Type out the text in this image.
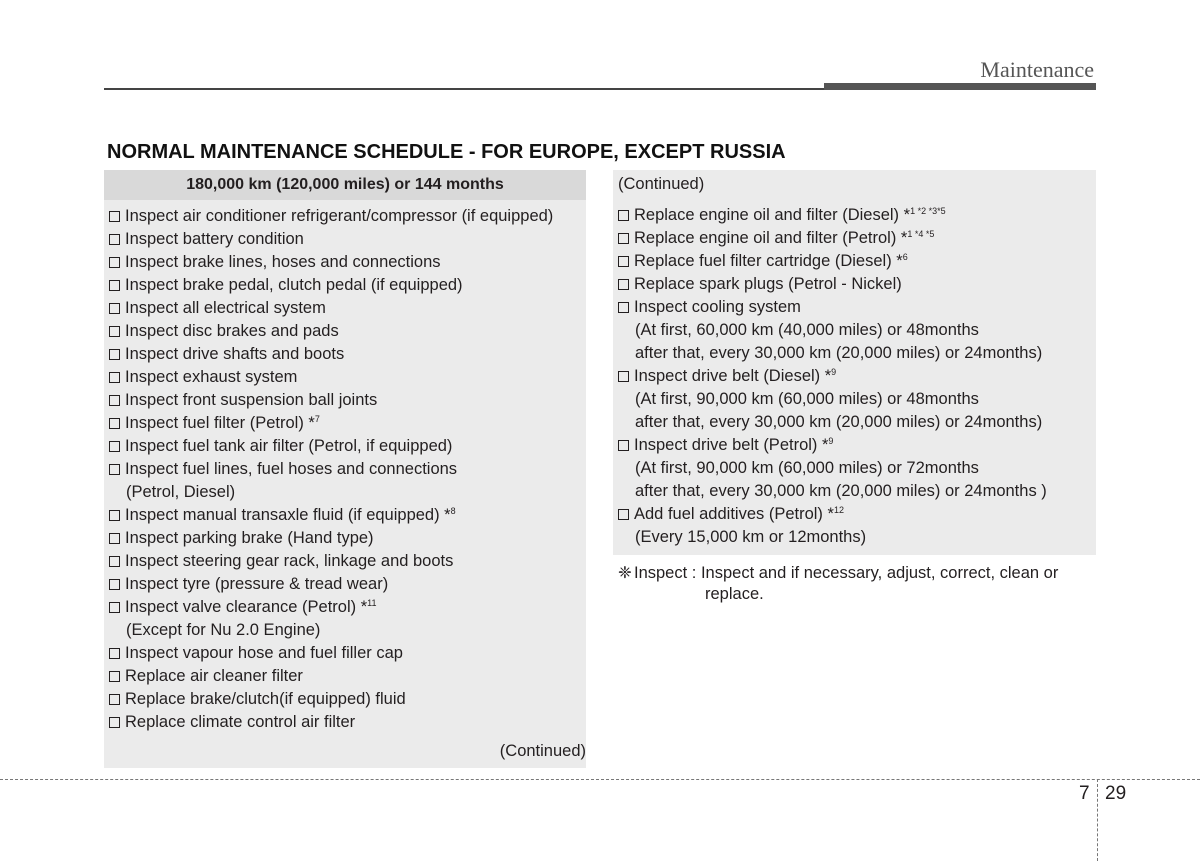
Maintenance
NORMAL MAINTENANCE SCHEDULE - FOR EUROPE, EXCEPT RUSSIA
180,000 km (120,000 miles) or 144 months
Inspect air conditioner refrigerant/compressor (if equipped)
Inspect battery condition
Inspect brake lines, hoses and connections
Inspect brake pedal, clutch pedal (if equipped)
Inspect all electrical system
Inspect disc brakes and pads
Inspect drive shafts and boots
Inspect exhaust system
Inspect front suspension ball joints
Inspect fuel filter (Petrol) *$^7$
Inspect fuel tank air filter (Petrol, if equipped)
Inspect fuel lines, fuel hoses and connections
(Petrol, Diesel)
Inspect manual transaxle fluid (if equipped) *$^8$
Inspect parking brake (Hand type)
Inspect steering gear rack, linkage and boots
Inspect tyre (pressure & tread wear)
Inspect valve clearance (Petrol) *$^{11}$
(Except for Nu 2.0 Engine)
Inspect vapour hose and fuel filler cap
Replace air cleaner filter
Replace brake/clutch(if equipped) fluid
Replace climate control air filter
(Continued)
(Continued)
Replace engine oil and filter (Diesel) *$^{1 *2 *3*5}$
Replace engine oil and filter (Petrol) *$^{1 *4 *5}$
Replace fuel filter cartridge (Diesel) *$^6$
Replace spark plugs (Petrol - Nickel)
Inspect cooling system
(At first, 60,000 km (40,000 miles) or 48months
after that, every 30,000 km (20,000 miles) or 24months)
Inspect drive belt (Diesel) *$^9$
(At first, 90,000 km (60,000 miles) or 48months
after that, every 30,000 km (20,000 miles) or 24months)
Inspect drive belt (Petrol) *$^9$
(At first, 90,000 km (60,000 miles) or 72months
after that, every 30,000 km (20,000 miles) or 24months )
Add fuel additives (Petrol) *$^{12}$
(Every 15,000 km or 12months)
❈ Inspect : Inspect and if necessary, adjust, correct, clean or
replace.
7 29
